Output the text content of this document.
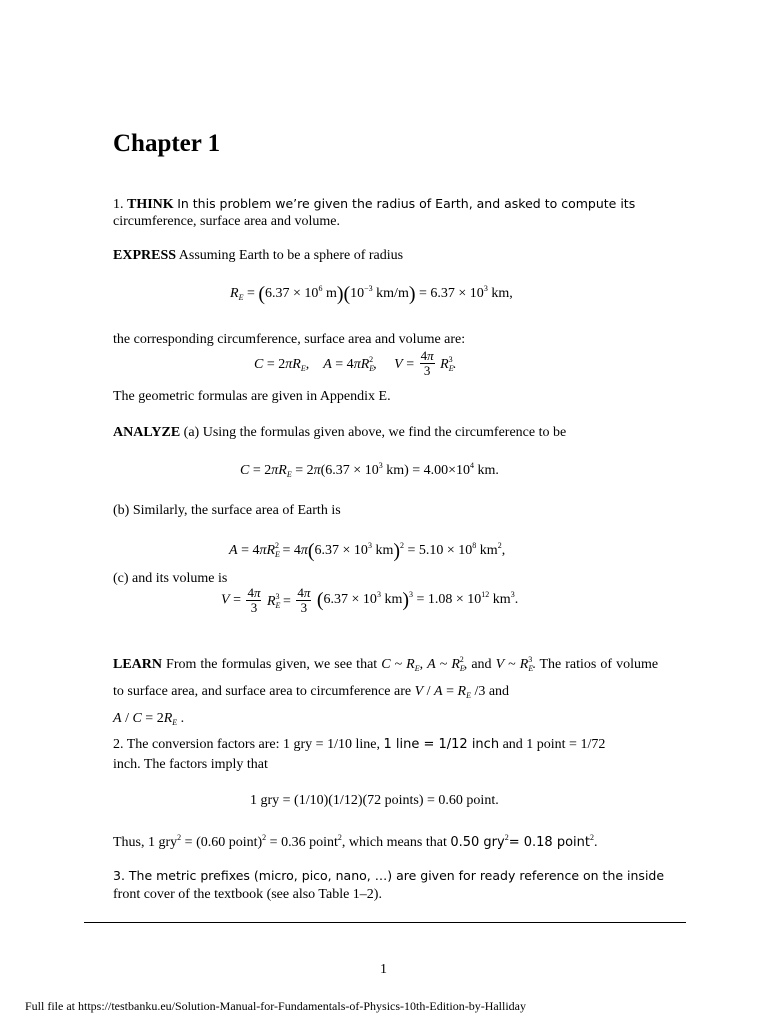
Chapter 1
1. THINK In this problem we’re given the radius of Earth, and asked to compute its
circumference, surface area and volume.
EXPRESS Assuming Earth to be a sphere of radius
$R_E = (6.37 \times 10^6$ $m)(10^{-3}$ $km/m) = 6.37 \times 10^3$ km,
the corresponding circumference, surface area and volume are:
$C = 2\pi R_E$,    $A = 4\pi R_E^2$,     $V = \frac{4\pi}{3} R_E^3$.
The geometric formulas are given in Appendix E.
ANALYZE (a) Using the formulas given above, we find the circumference to be
$C = 2\pi R_E = 2\pi(6.37 \times 10^3$ $km) = 4.00\times 10^4$ km.
(b) Similarly, the surface area of Earth is
$A = 4\pi R_E^2 = 4\pi(6.37 \times 10^3$ $km)^2 = 5.10 \times 10^8$ $km^2$,
(c) and its volume is
$V = \frac{4\pi}{3} R_E^3 = \frac{4\pi}{3} (6.37 \times 10^3$ $km)^3 = 1.08 \times 10^{12}$ $km^3$.
LEARN From the formulas given, we see that C ~ $R_E$, A ~ $R_E^2$, and V ~ $R_E^3$. The ratios of volume to surface area, and surface area to circumference are $V / A = R_E$ /3 and
$A / C = 2R_E$ .
2. The conversion factors are: 1 gry = 1/10 line, 1 line = 1/12 inch and 1 point = 1/72
inch. The factors imply that
1 gry = (1/10)(1/12)(72 points) = 0.60 point.
Thus, 1 gry$^2$ = (0.60 point)$^2$ = 0.36 point$^2$, which means that 0.50 gry$^2$= 0.18 point$^2$.
3. The metric prefixes (micro, pico, nano, …) are given for ready reference on the inside
front cover of the textbook (see also Table 1–2).
1
Full file at https://testbanku.eu/Solution-Manual-for-Fundamentals-of-Physics-10th-Edition-by-Halliday
